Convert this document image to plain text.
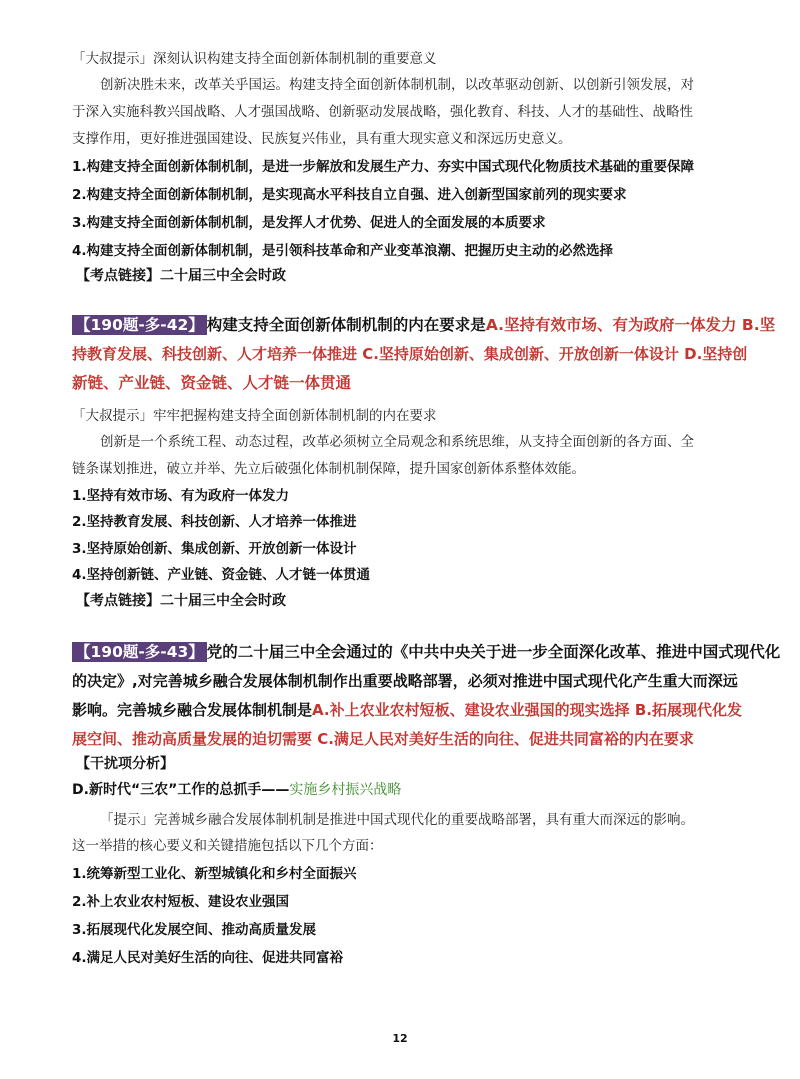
「大叔提示」深刻认识构建支持全面创新体制机制的重要意义
创新决胜未来，改革关乎国运。构建支持全面创新体制机制，以改革驱动创新、以创新引领发展，对
于深入实施科教兴国战略、人才强国战略、创新驱动发展战略，强化教育、科技、人才的基础性、战略性
支撑作用，更好推进强国建设、民族复兴伟业，具有重大现实意义和深远历史意义。
1.构建支持全面创新体制机制，是进一步解放和发展生产力、夯实中国式现代化物质技术基础的重要保障
2.构建支持全面创新体制机制，是实现高水平科技自立自强、进入创新型国家前列的现实要求
3.构建支持全面创新体制机制，是发挥人才优势、促进人的全面发展的本质要求
4.构建支持全面创新体制机制，是引领科技革命和产业变革浪潮、把握历史主动的必然选择
【考点链接】二十届三中全会时政
【190题-多-42】 构建支持全面创新体制机制的内在要求是A.坚持有效市场、有为政府一体发力 B.坚
持教育发展、科技创新、人才培养一体推进 C.坚持原始创新、集成创新、开放创新一体设计 D.坚持创
新链、产业链、资金链、人才链一体贯通
「大叔提示」牢牢把握构建支持全面创新体制机制的内在要求
创新是一个系统工程、动态过程，改革必须树立全局观念和系统思维，从支持全面创新的各方面、全
链条谋划推进，破立并举、先立后破强化体制机制保障，提升国家创新体系整体效能。
1.坚持有效市场、有为政府一体发力
2.坚持教育发展、科技创新、人才培养一体推进
3.坚持原始创新、集成创新、开放创新一体设计
4.坚持创新链、产业链、资金链、人才链一体贯通
【考点链接】二十届三中全会时政
【190题-多-43】 党的二十届三中全会通过的《中共中央关于进一步全面深化改革、推进中国式现代化
的决定》,对完善城乡融合发展体制机制作出重要战略部署，必须对推进中国式现代化产生重大而深远
影响。完善城乡融合发展体制机制是A.补上农业农村短板、建设农业强国的现实选择 B.拓展现代化发
展空间、推动高质量发展的迫切需要 C.满足人民对美好生活的向往、促进共同富裕的内在要求
【干扰项分析】
D.新时代“三农”工作的总抓手——实施乡村振兴战略
「提示」完善城乡融合发展体制机制是推进中国式现代化的重要战略部署，具有重大而深远的影响。
这一举措的核心要义和关键措施包括以下几个方面：
1.统筹新型工业化、新型城镇化和乡村全面振兴
2.补上农业农村短板、建设农业强国
3.拓展现代化发展空间、推动高质量发展
4.满足人民对美好生活的向往、促进共同富裕
12
